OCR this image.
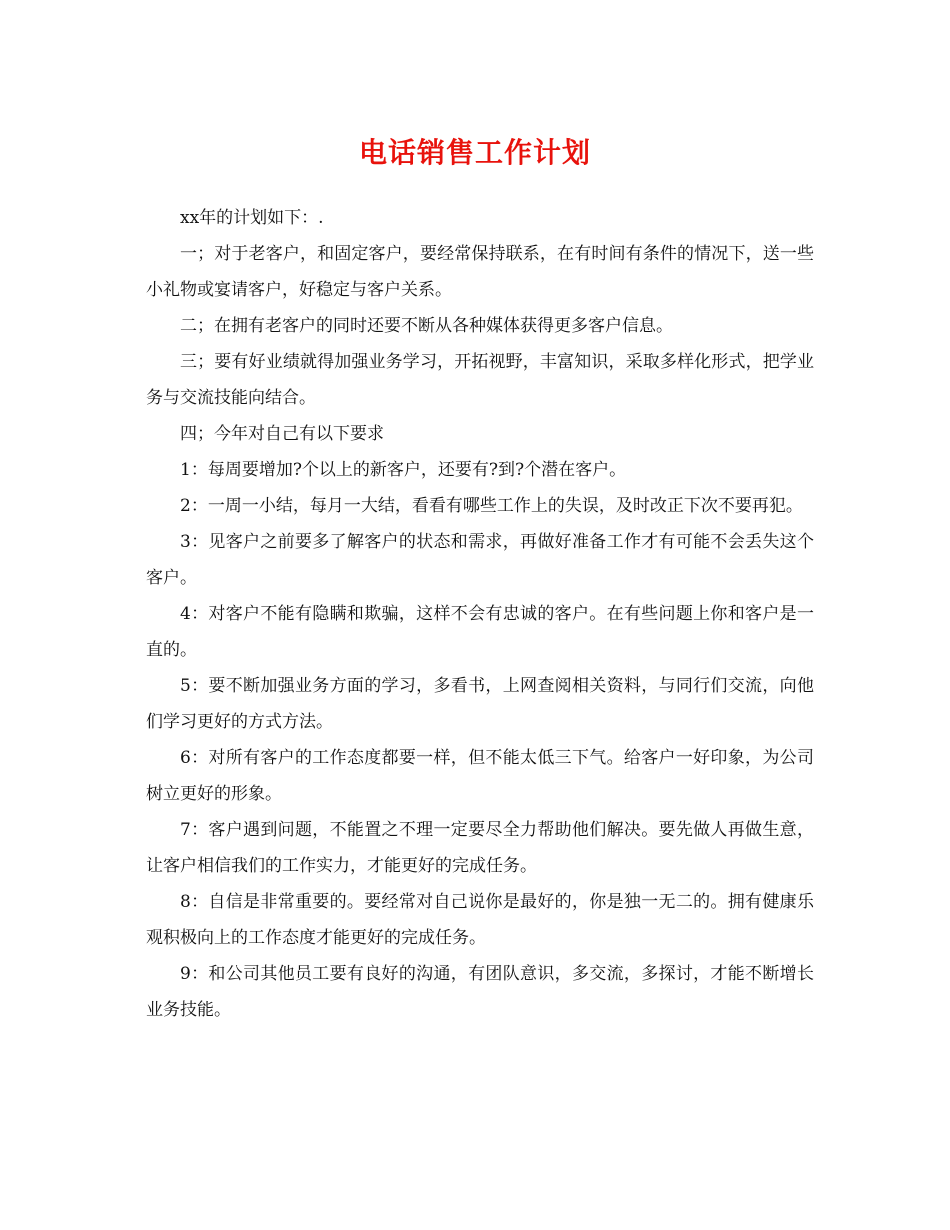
电话销售工作计划

xx年的计划如下：.

一；对于老客户，和固定客户，要经常保持联系，在有时间有条件的情况下，送一些小礼物或宴请客户，好稳定与客户关系。

二；在拥有老客户的同时还要不断从各种媒体获得更多客户信息。

三；要有好业绩就得加强业务学习，开拓视野，丰富知识，采取多样化形式，把学业务与交流技能向结合。

四；今年对自己有以下要求

1：每周要增加?个以上的新客户，还要有?到?个潜在客户。

2：一周一小结，每月一大结，看看有哪些工作上的失误，及时改正下次不要再犯。

3：见客户之前要多了解客户的状态和需求，再做好准备工作才有可能不会丢失这个客户。

4：对客户不能有隐瞒和欺骗，这样不会有忠诚的客户。在有些问题上你和客户是一直的。

5：要不断加强业务方面的学习，多看书，上网查阅相关资料，与同行们交流，向他们学习更好的方式方法。

6：对所有客户的工作态度都要一样，但不能太低三下气。给客户一好印象，为公司树立更好的形象。

7：客户遇到问题，不能置之不理一定要尽全力帮助他们解决。要先做人再做生意，让客户相信我们的工作实力，才能更好的完成任务。

8：自信是非常重要的。要经常对自己说你是最好的，你是独一无二的。拥有健康乐观积极向上的工作态度才能更好的完成任务。

9：和公司其他员工要有良好的沟通，有团队意识，多交流，多探讨，才能不断增长业务技能。
